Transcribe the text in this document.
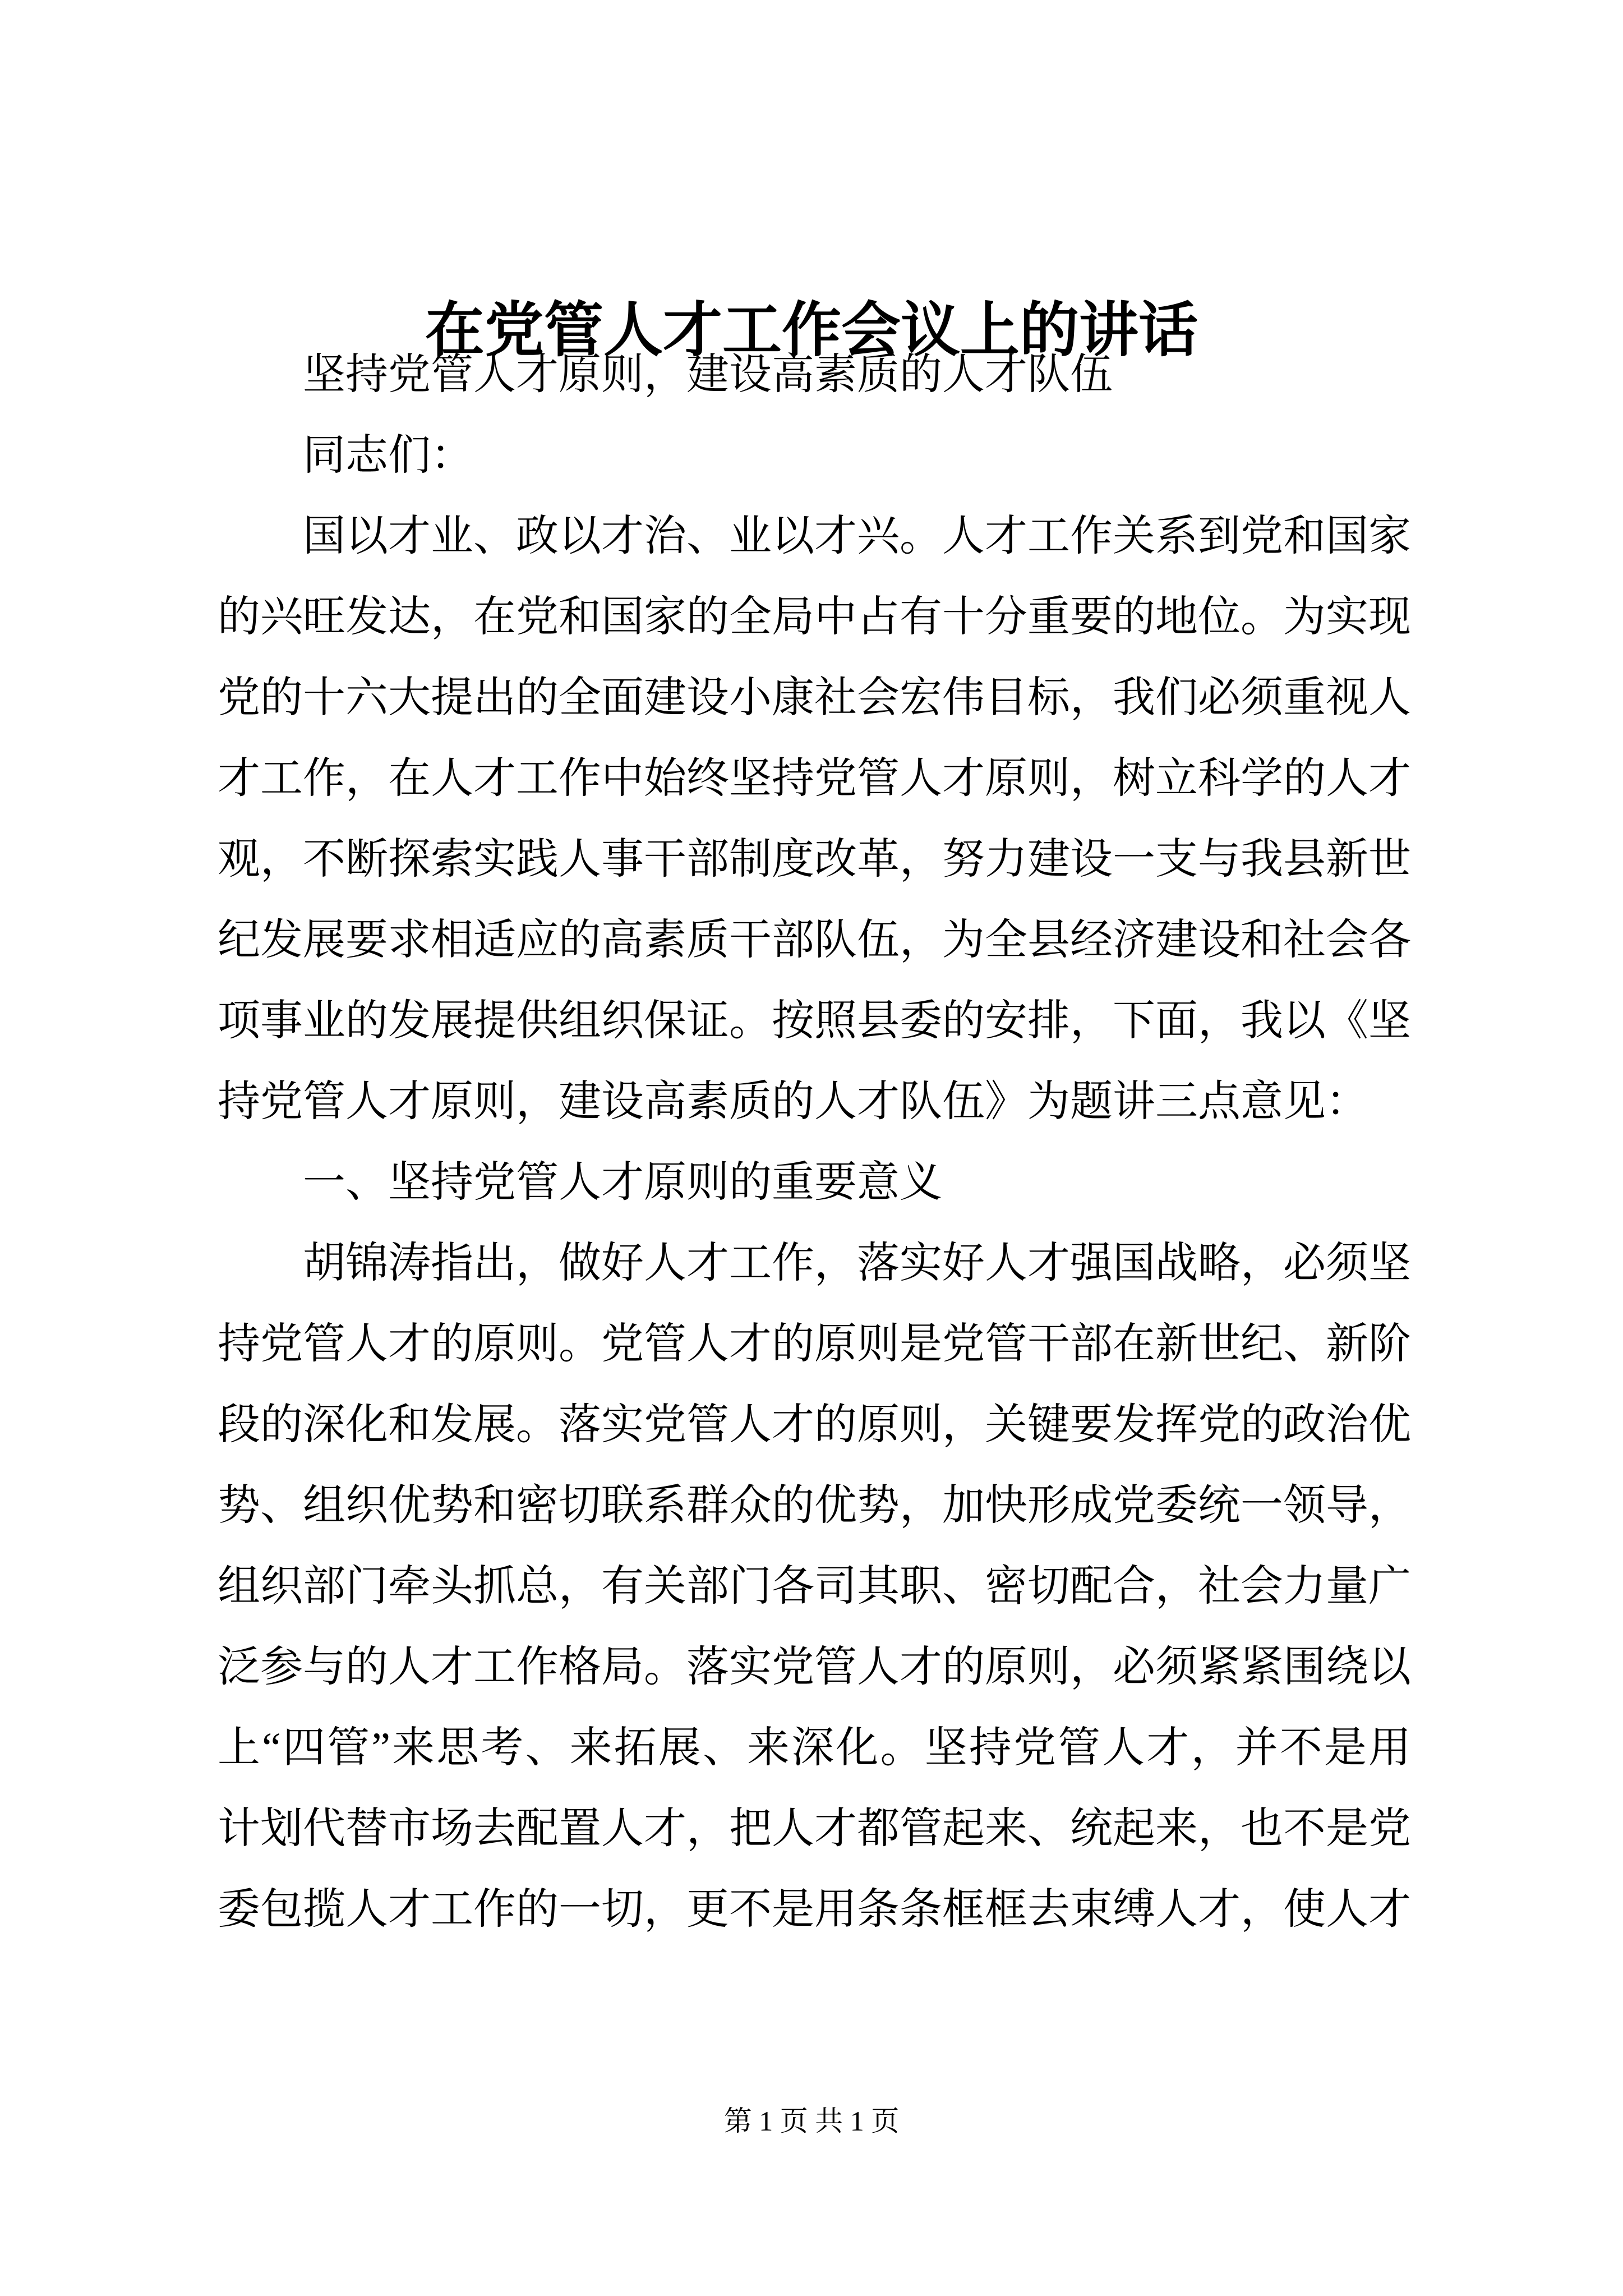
在党管人才工作会议上的讲话

坚持党管人才原则，建设高素质的人才队伍

同志们：

国以才业、政以才治、业以才兴。人才工作关系到党和国家

的兴旺发达，在党和国家的全局中占有十分重要的地位。为实现

党的十六大提出的全面建设小康社会宏伟目标，我们必须重视人

才工作，在人才工作中始终坚持党管人才原则，树立科学的人才

观，不断探索实践人事干部制度改革，努力建设一支与我县新世

纪发展要求相适应的高素质干部队伍，为全县经济建设和社会各

项事业的发展提供组织保证。按照县委的安排，下面，我以《坚

持党管人才原则，建设高素质的人才队伍》为题讲三点意见：

一、坚持党管人才原则的重要意义

胡锦涛指出，做好人才工作，落实好人才强国战略，必须坚

持党管人才的原则。党管人才的原则是党管干部在新世纪、新阶

段的深化和发展。落实党管人才的原则，关键要发挥党的政治优

势、组织优势和密切联系群众的优势，加快形成党委统一领导，

组织部门牵头抓总，有关部门各司其职、密切配合，社会力量广

泛参与的人才工作格局。落实党管人才的原则，必须紧紧围绕以

上“四管”来思考、来拓展、来深化。坚持党管人才，并不是用

计划代替市场去配置人才，把人才都管起来、统起来，也不是党

委包揽人才工作的一切，更不是用条条框框去束缚人才，使人才

第 1 页 共 1 页
